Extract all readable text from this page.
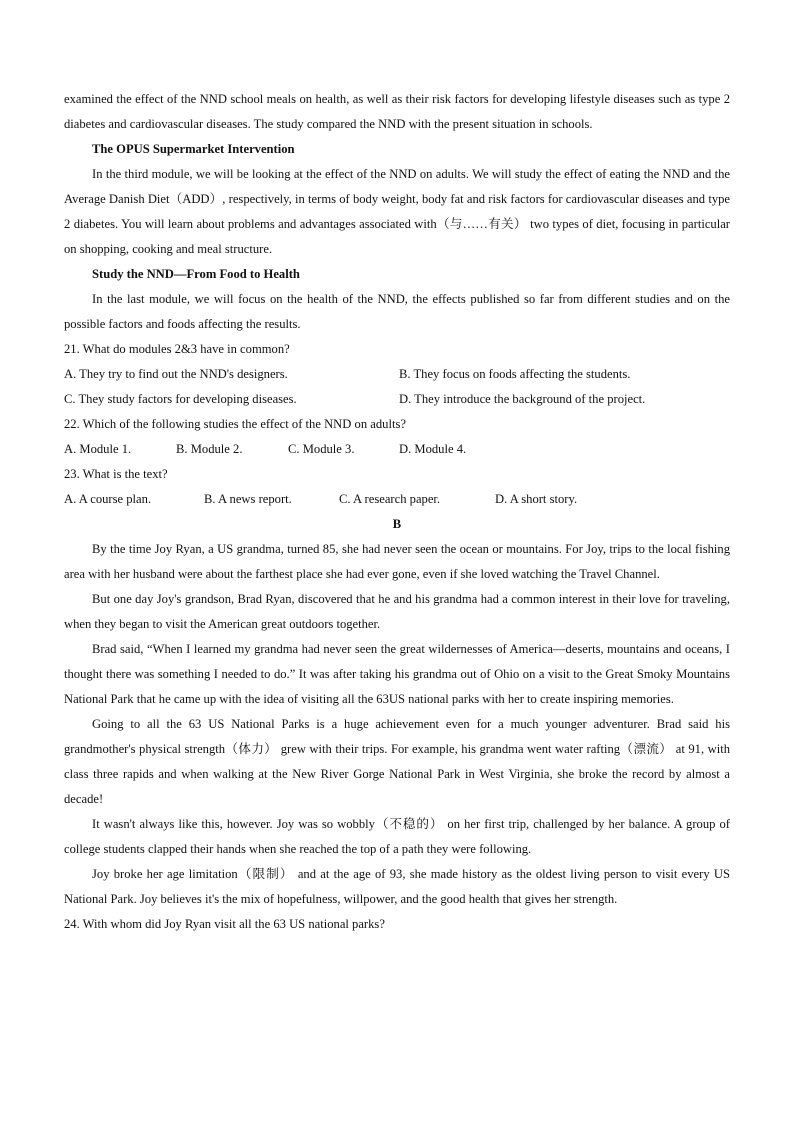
examined the effect of the NND school meals on health, as well as their risk factors for developing lifestyle diseases such as type 2 diabetes and cardiovascular diseases. The study compared the NND with the present situation in schools.

The OPUS Supermarket Intervention

In the third module, we will be looking at the effect of the NND on adults. We will study the effect of eating the NND and the Average Danish Diet（ADD）, respectively, in terms of body weight, body fat and risk factors for cardiovascular diseases and type 2 diabetes. You will learn about problems and advantages associated with（与……有关） two types of diet, focusing in particular on shopping, cooking and meal structure.

Study the NND—From Food to Health

In the last module, we will focus on the health of the NND, the effects published so far from different studies and on the possible factors and foods affecting the results.

21. What do modules 2&3 have in common?

A. They try to find out the NND's designers.	B. They focus on foods affecting the students.
C. They study factors for developing diseases.	D. They introduce the background of the project.

22. Which of the following studies the effect of the NND on adults?

A. Module 1.	B. Module 2.	C. Module 3.	D. Module 4.

23. What is the text?

A. A course plan.	B. A news report.	C. A research paper.	D. A short story.

B

By the time Joy Ryan, a US grandma, turned 85, she had never seen the ocean or mountains. For Joy, trips to the local fishing area with her husband were about the farthest place she had ever gone, even if she loved watching the Travel Channel.

But one day Joy's grandson, Brad Ryan, discovered that he and his grandma had a common interest in their love for traveling, when they began to visit the American great outdoors together.

Brad said, “When I learned my grandma had never seen the great wildernesses of America—deserts, mountains and oceans, I thought there was something I needed to do.” It was after taking his grandma out of Ohio on a visit to the Great Smoky Mountains National Park that he came up with the idea of visiting all the 63US national parks with her to create inspiring memories.

Going to all the 63 US National Parks is a huge achievement even for a much younger adventurer. Brad said his grandmother's physical strength（体力） grew with their trips. For example, his grandma went water rafting（漂流） at 91, with class three rapids and when walking at the New River Gorge National Park in West Virginia, she broke the record by almost a decade!

It wasn't always like this, however. Joy was so wobbly（不稳的） on her first trip, challenged by her balance. A group of college students clapped their hands when she reached the top of a path they were following.

Joy broke her age limitation（限制） and at the age of 93, she made history as the oldest living person to visit every US National Park. Joy believes it's the mix of hopefulness, willpower, and the good health that gives her strength.

24. With whom did Joy Ryan visit all the 63 US national parks?
